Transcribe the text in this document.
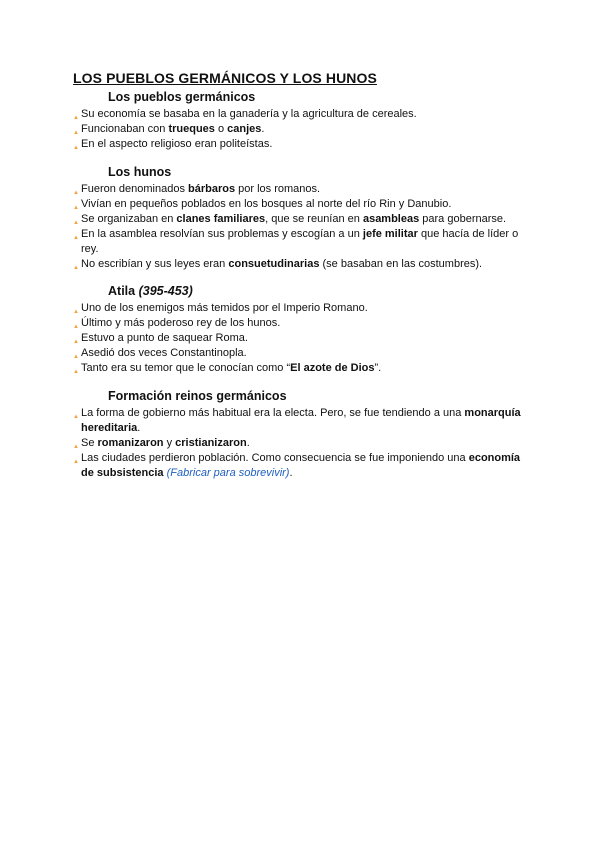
LOS PUEBLOS GERMÁNICOS Y LOS HUNOS
Los pueblos germánicos
▲ Su economía se basaba en la ganadería y la agricultura de cereales.
▲ Funcionaban con trueques o canjes.
▲ En el aspecto religioso eran politeístas.
Los hunos
▲ Fueron denominados bárbaros por los romanos.
▲ Vivían en pequeños poblados en los bosques al norte del río Rin y Danubio.
▲ Se organizaban en clanes familiares, que se reunían en asambleas para gobernarse.
▲ En la asamblea resolvían sus problemas y escogían a un jefe militar que hacía de líder o rey.
▲ No escribían y sus leyes eran consuetudinarias (se basaban en las costumbres).
Atila (395-453)
▲ Uno de los enemigos más temidos por el Imperio Romano.
▲ Último y más poderoso rey de los hunos.
▲ Estuvo a punto de saquear Roma.
▲ Asedió dos veces Constantinopla.
▲ Tanto era su temor que le conocían como “El azote de Dios”.
Formación reinos germánicos
▲ La forma de gobierno más habitual era la electa. Pero, se fue tendiendo a una monarquía hereditaria.
▲ Se romanizaron y cristianizaron.
▲ Las ciudades perdieron población. Como consecuencia se fue imponiendo una economía de subsistencia (Fabricar para sobrevivir).
